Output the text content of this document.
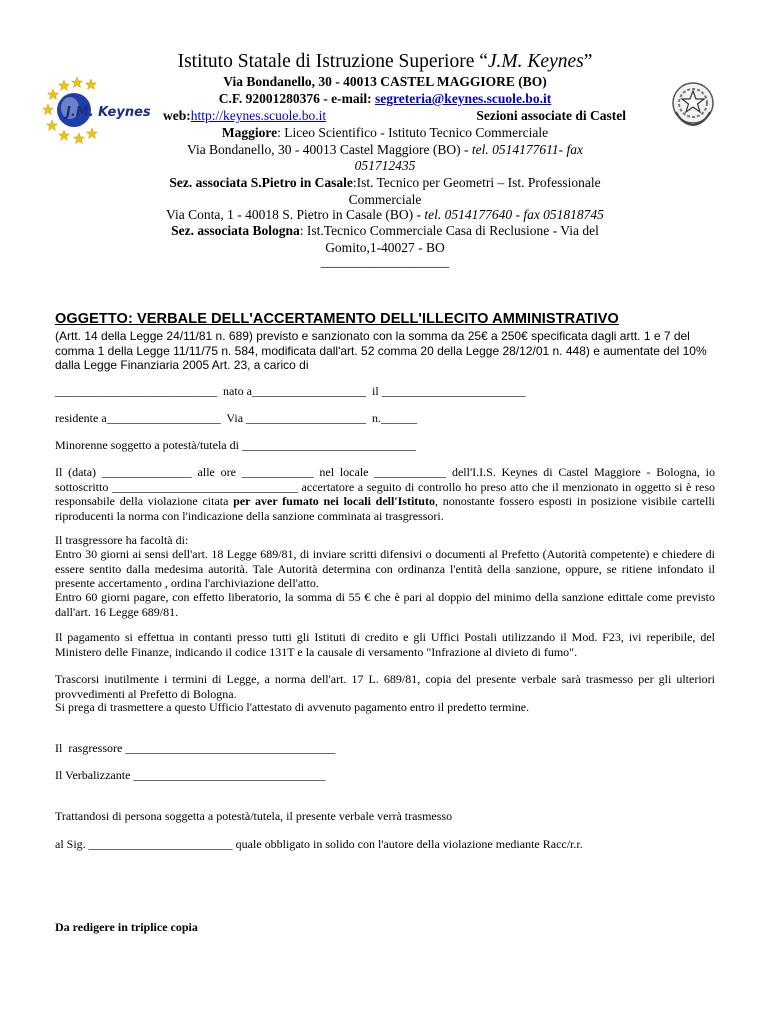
J.M. Keynes
Istituto Statale di Istruzione Superiore “J.M. Keynes”
Via Bondanello, 30 - 40013 CASTEL MAGGIORE (BO)
C.F. 92001280376 - e-mail: segreteria@keynes.scuole.bo.it
web:http://keynes.scuole.bo.it	Sezioni associate di Castel
Maggiore: Liceo Scientifico - Istituto Tecnico Commerciale
Via Bondanello, 30 - 40013 Castel Maggiore (BO) - tel. 0514177611- fax
051712435
Sez. associata S.Pietro in Casale:Ist. Tecnico per Geometri – Ist. Professionale
Commerciale
Via Conta, 1 - 40018 S. Pietro in Casale (BO) - tel. 0514177640 - fax 051818745
Sez. associata Bologna: Ist.Tecnico Commerciale Casa di Reclusione - Via del
Gomito,1-40027 - BO
___________________
OGGETTO: VERBALE DELL'ACCERTAMENTO DELL'ILLECITO AMMINISTRATIVO
(Artt. 14 della Legge 24/11/81 n. 689) previsto e sanzionato con la somma da 25€ a 250€ specificata dagli artt. 1 e 7 del comma 1 della Legge 11/11/75 n. 584, modificata dall'art. 52 comma 20 della Legge 28/12/01 n. 448) e aumentate del 10% dalla Legge Finanziaria 2005 Art. 23, a carico di
___________________________  nato a___________________  il ________________________
residente a___________________  Via ____________________  n.______
Minorenne soggetto a potestà/tutela di _____________________________
Il (data) _______________ alle ore ____________ nel locale ____________ dell'I.I.S. Keynes di Castel Maggiore - Bologna, io sottoscritto _______________________________ accertatore a seguito di controllo ho preso atto che il menzionato in oggetto si è reso responsabile della violazione citata per aver fumato nei locali dell'Istituto, nonostante fossero esposti in posizione visibile cartelli riproducenti la norma con l'indicazione della sanzione comminata ai trasgressori.
Il trasgressore ha facoltà di:
Entro 30 giorni ai sensi dell'art. 18 Legge 689/81, di inviare scritti difensivi o documenti al Prefetto (Autorità competente) e chiedere di essere sentito dalla medesima autorità. Tale Autorità determina con ordinanza l'entità della sanzione, oppure, se ritiene infondato il presente accertamento , ordina l'archiviazione dell'atto.
Entro 60 giorni pagare, con effetto liberatorio, la somma di 55 € che è pari al doppio del minimo della sanzione edittale come previsto dall'art. 16 Legge 689/81.
Il pagamento si effettua in contanti presso tutti gli Istituti di credito e gli Uffici Postali utilizzando il Mod. F23, ivi reperibile, del Ministero delle Finanze, indicando il codice 131T e la causale di versamento "Infrazione al divieto di fumo".
Trascorsi inutilmente i termini di Legge, a norma dell'art. 17 L. 689/81, copia del presente verbale sarà trasmesso per gli ulteriori provvedimenti al Prefetto di Bologna.
Si prega di trasmettere a questo Ufficio l'attestato di avvenuto pagamento entro il predetto termine.
Il  rasgressore ___________________________________
Il Verbalizzante ________________________________
Trattandosi di persona soggetta a potestà/tutela, il presente verbale verrà trasmesso
al Sig. ________________________ quale obbligato in solido con l'autore della violazione mediante Racc/r.r.
Da redigere in triplice copia
